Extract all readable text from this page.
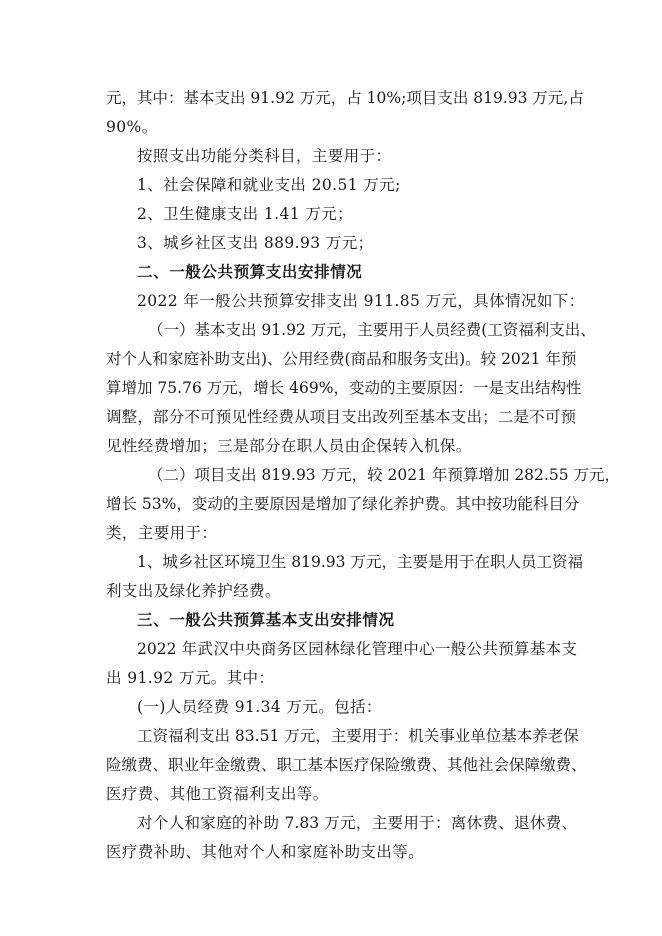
元，其中：基本支出 91.92 万元，占 10%;项目支出 819.93 万元,占
90%。
按照支出功能分类科目，主要用于：
1、社会保障和就业支出 20.51 万元;
2、卫生健康支出 1.41 万元；
3、城乡社区支出 889.93 万元；
二、一般公共预算支出安排情况
2022 年一般公共预算安排支出 911.85 万元，具体情况如下：
（一）基本支出 91.92 万元，主要用于人员经费(工资福利支出、
对个人和家庭补助支出)、公用经费(商品和服务支出)。较 2021 年预
算增加 75.76 万元，增长 469%，变动的主要原因：一是支出结构性
调整，部分不可预见性经费从项目支出改列至基本支出；二是不可预
见性经费增加；三是部分在职人员由企保转入机保。
（二）项目支出 819.93 万元，较 2021 年预算增加 282.55 万元，
增长 53%，变动的主要原因是增加了绿化养护费。其中按功能科目分
类，主要用于：
1、城乡社区环境卫生 819.93 万元，主要是用于在职人员工资福
利支出及绿化养护经费。
三、一般公共预算基本支出安排情况
2022 年武汉中央商务区园林绿化管理中心一般公共预算基本支
出 91.92 万元。其中：
(一)人员经费 91.34 万元。包括：
工资福利支出 83.51 万元，主要用于：机关事业单位基本养老保
险缴费、职业年金缴费、职工基本医疗保险缴费、其他社会保障缴费、
医疗费、其他工资福利支出等。
对个人和家庭的补助 7.83 万元，主要用于：离休费、退休费、
医疗费补助、其他对个人和家庭补助支出等。
